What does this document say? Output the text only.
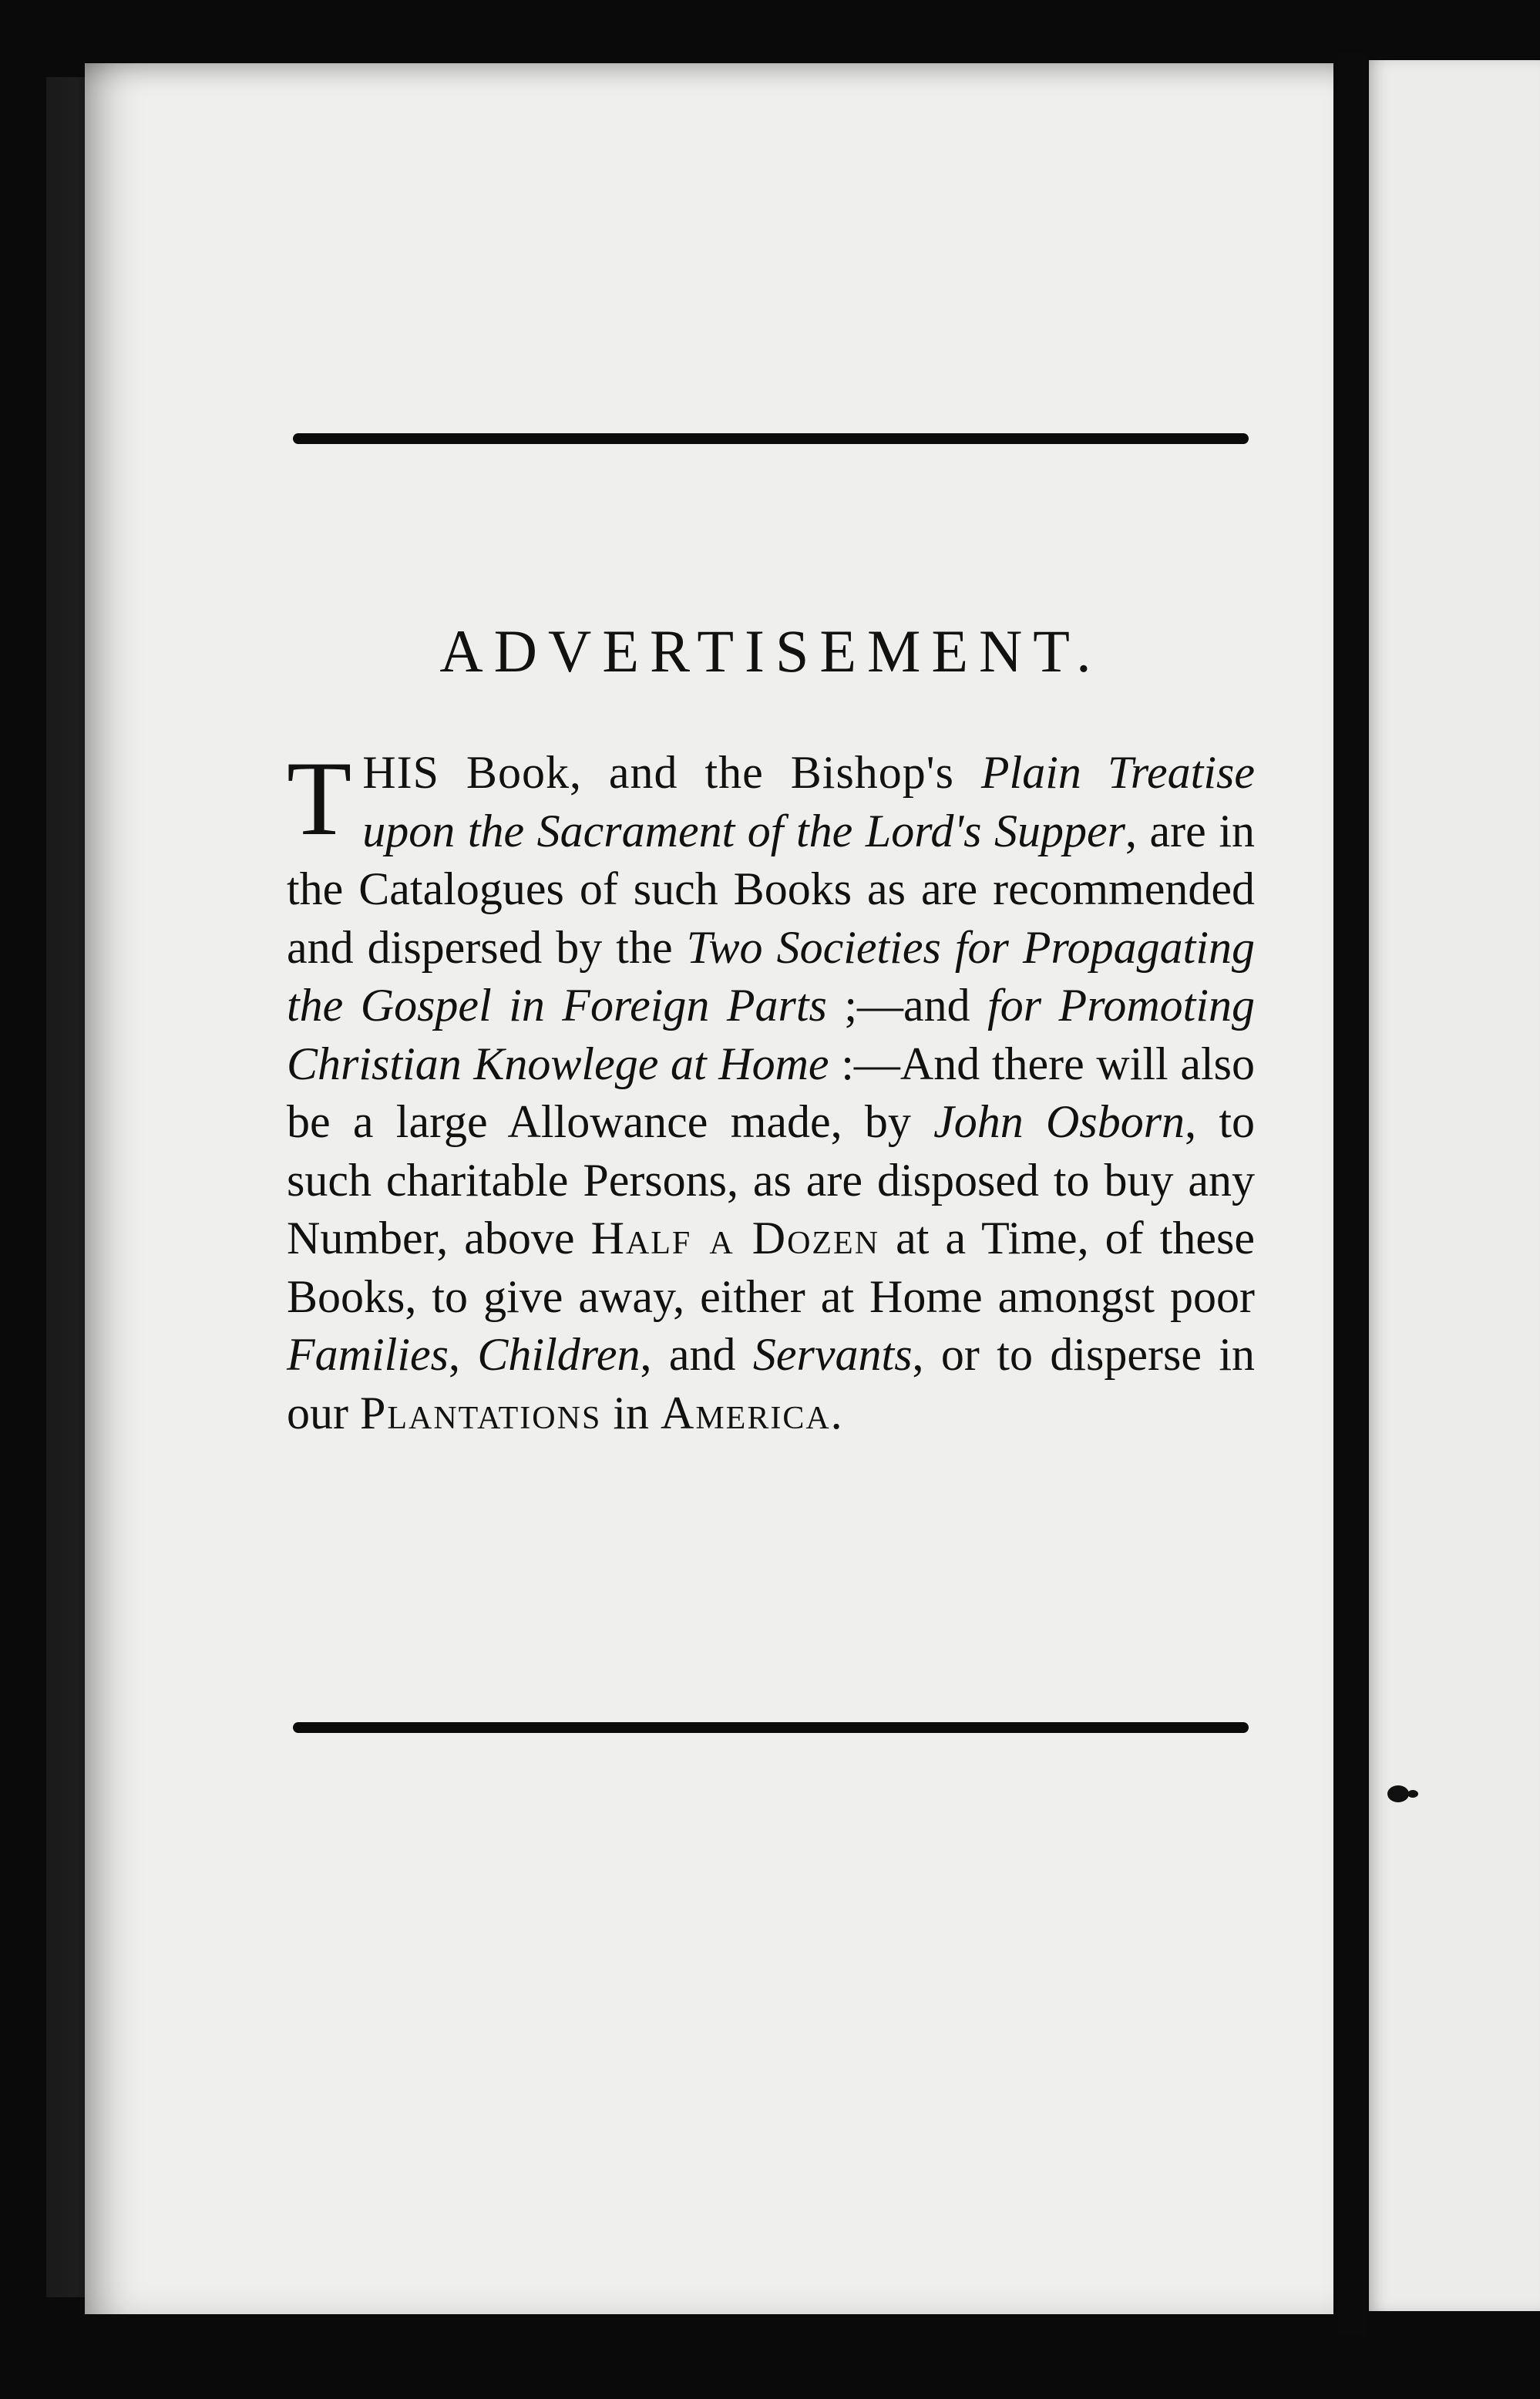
ADVERTISEMENT.

THIS Book, and the Bishop's Plain Treatise upon the Sacrament of the Lord's Supper, are in the Catalogues of such Books as are recommended and dispersed by the Two Societies for Propagating the Gospel in Foreign Parts ;—and for Promoting Christian Knowlege at Home :—And there will also be a large Allowance made, by John Osborn, to such charitable Persons, as are disposed to buy any Number, above Half a Dozen at a Time, of these Books, to give away, either at Home amongst poor Families, Children, and Servants, or to disperse in our Plantations in America.
